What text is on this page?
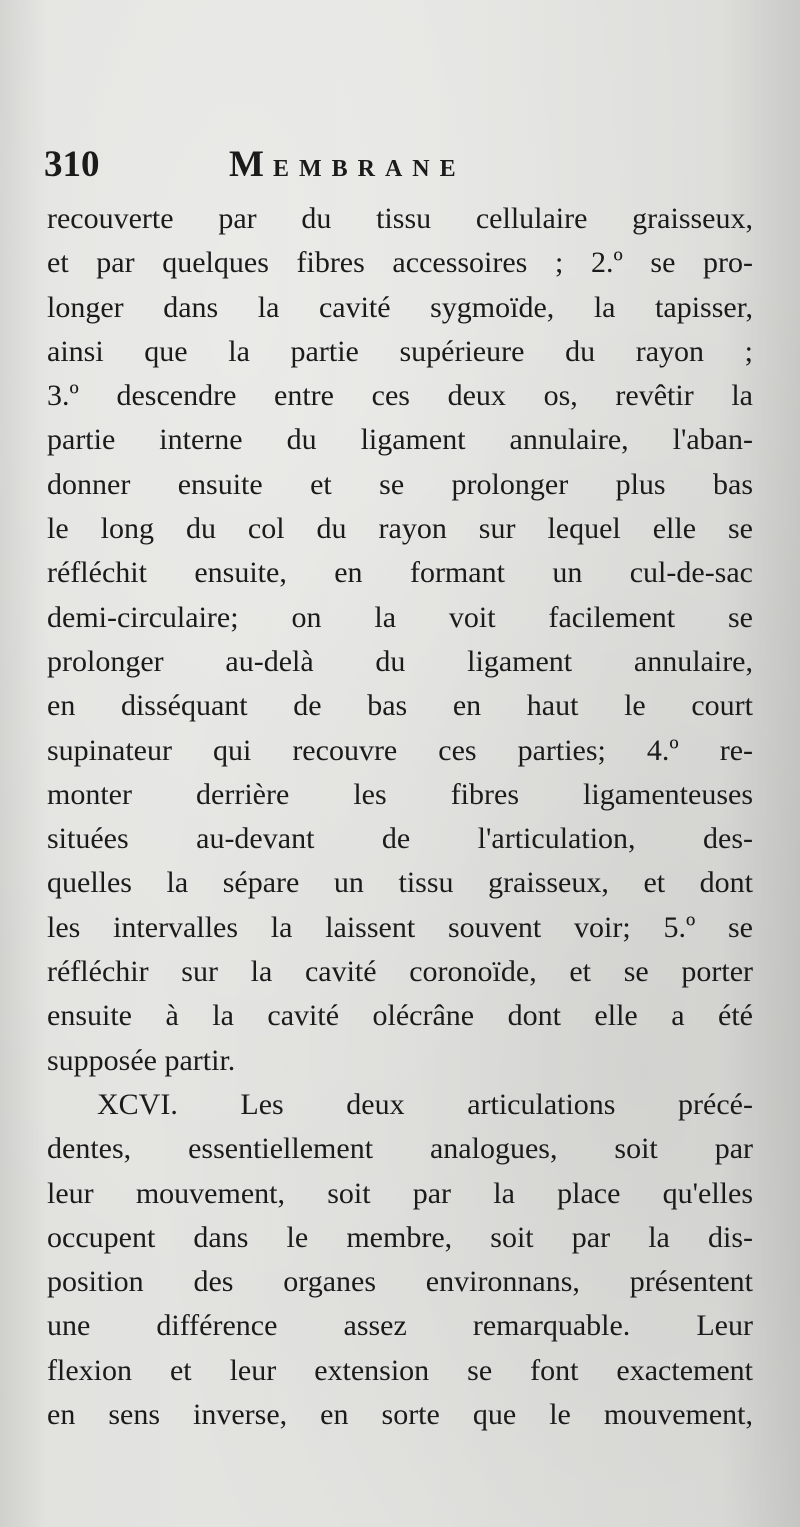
310	MEMBRANE
recouverte par du tissu cellulaire graisseux,
et par quelques fibres accessoires ; 2.º se pro-
longer dans la cavité sygmoïde, la tapisser,
ainsi que la partie supérieure du rayon ;
3.º descendre entre ces deux os, revêtir la
partie interne du ligament annulaire, l'aban-
donner ensuite et se prolonger plus bas
le long du col du rayon sur lequel elle se
réfléchit ensuite, en formant un cul-de-sac
demi-circulaire; on la voit facilement se
prolonger au-delà du ligament annulaire,
en disséquant de bas en haut le court
supinateur qui recouvre ces parties; 4.º re-
monter derrière les fibres ligamenteuses
situées au-devant de l'articulation, des-
quelles la sépare un tissu graisseux, et dont
les intervalles la laissent souvent voir; 5.º se
réfléchir sur la cavité coronoïde, et se porter
ensuite à la cavité olécrâne dont elle a été
supposée partir.
XCVI. Les deux articulations précé-
dentes, essentiellement analogues, soit par
leur mouvement, soit par la place qu'elles
occupent dans le membre, soit par la dis-
position des organes environnans, présentent
une différence assez remarquable. Leur
flexion et leur extension se font exactement
en sens inverse, en sorte que le mouvement,
